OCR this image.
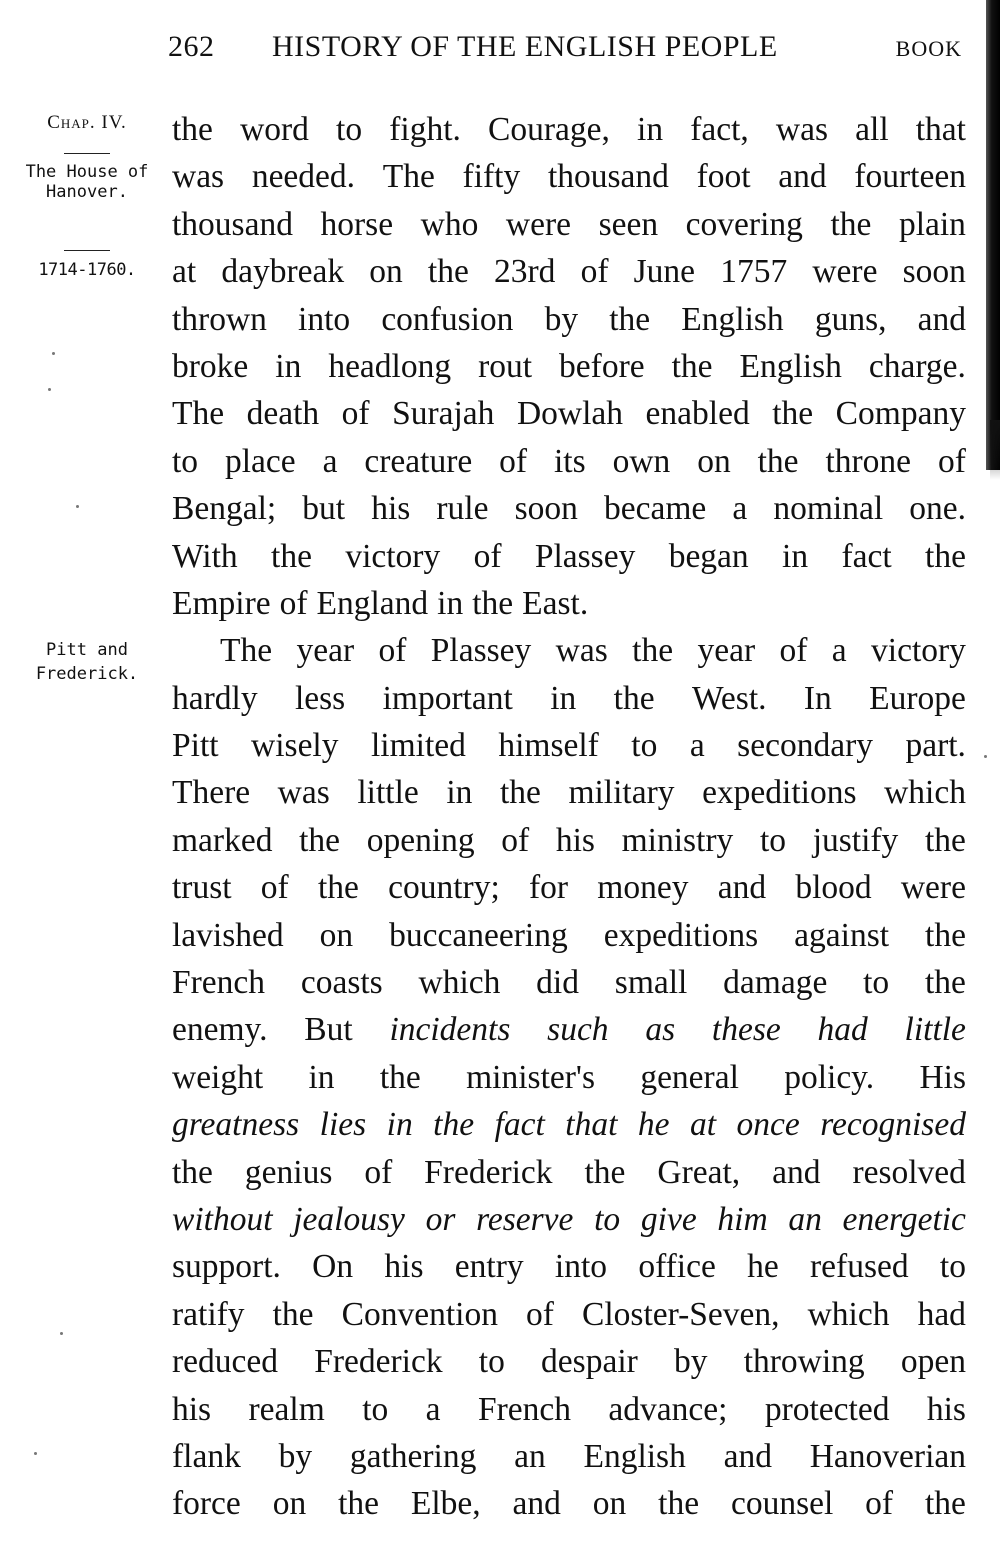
262 HISTORY OF THE ENGLISH PEOPLE	BOOK
Chap. IV.
The House of Hanover.
1714-1760.
Pitt and Frederick.
the word to fight. Courage, in fact, was all that
was needed. The fifty thousand foot and fourteen
thousand horse who were seen covering the plain
at daybreak on the 23rd of June 1757 were soon
thrown into confusion by the English guns, and
broke in headlong rout before the English charge.
The death of Surajah Dowlah enabled the Company
to place a creature of its own on the throne of
Bengal; but his rule soon became a nominal one.
With the victory of Plassey began in fact the
Empire of England in the East.
The year of Plassey was the year of a victory
hardly less important in the West. In Europe
Pitt wisely limited himself to a secondary part.
There was little in the military expeditions which
marked the opening of his ministry to justify the
trust of the country; for money and blood were
lavished on buccaneering expeditions against the
French coasts which did small damage to the
enemy. But incidents such as these had little
weight in the minister's general policy. His
greatness lies in the fact that he at once recognised
the genius of Frederick the Great, and resolved
without jealousy or reserve to give him an energetic
support. On his entry into office he refused to
ratify the Convention of Closter-Seven, which had
reduced Frederick to despair by throwing open
his realm to a French advance; protected his
flank by gathering an English and Hanoverian
force on the Elbe, and on the counsel of the
